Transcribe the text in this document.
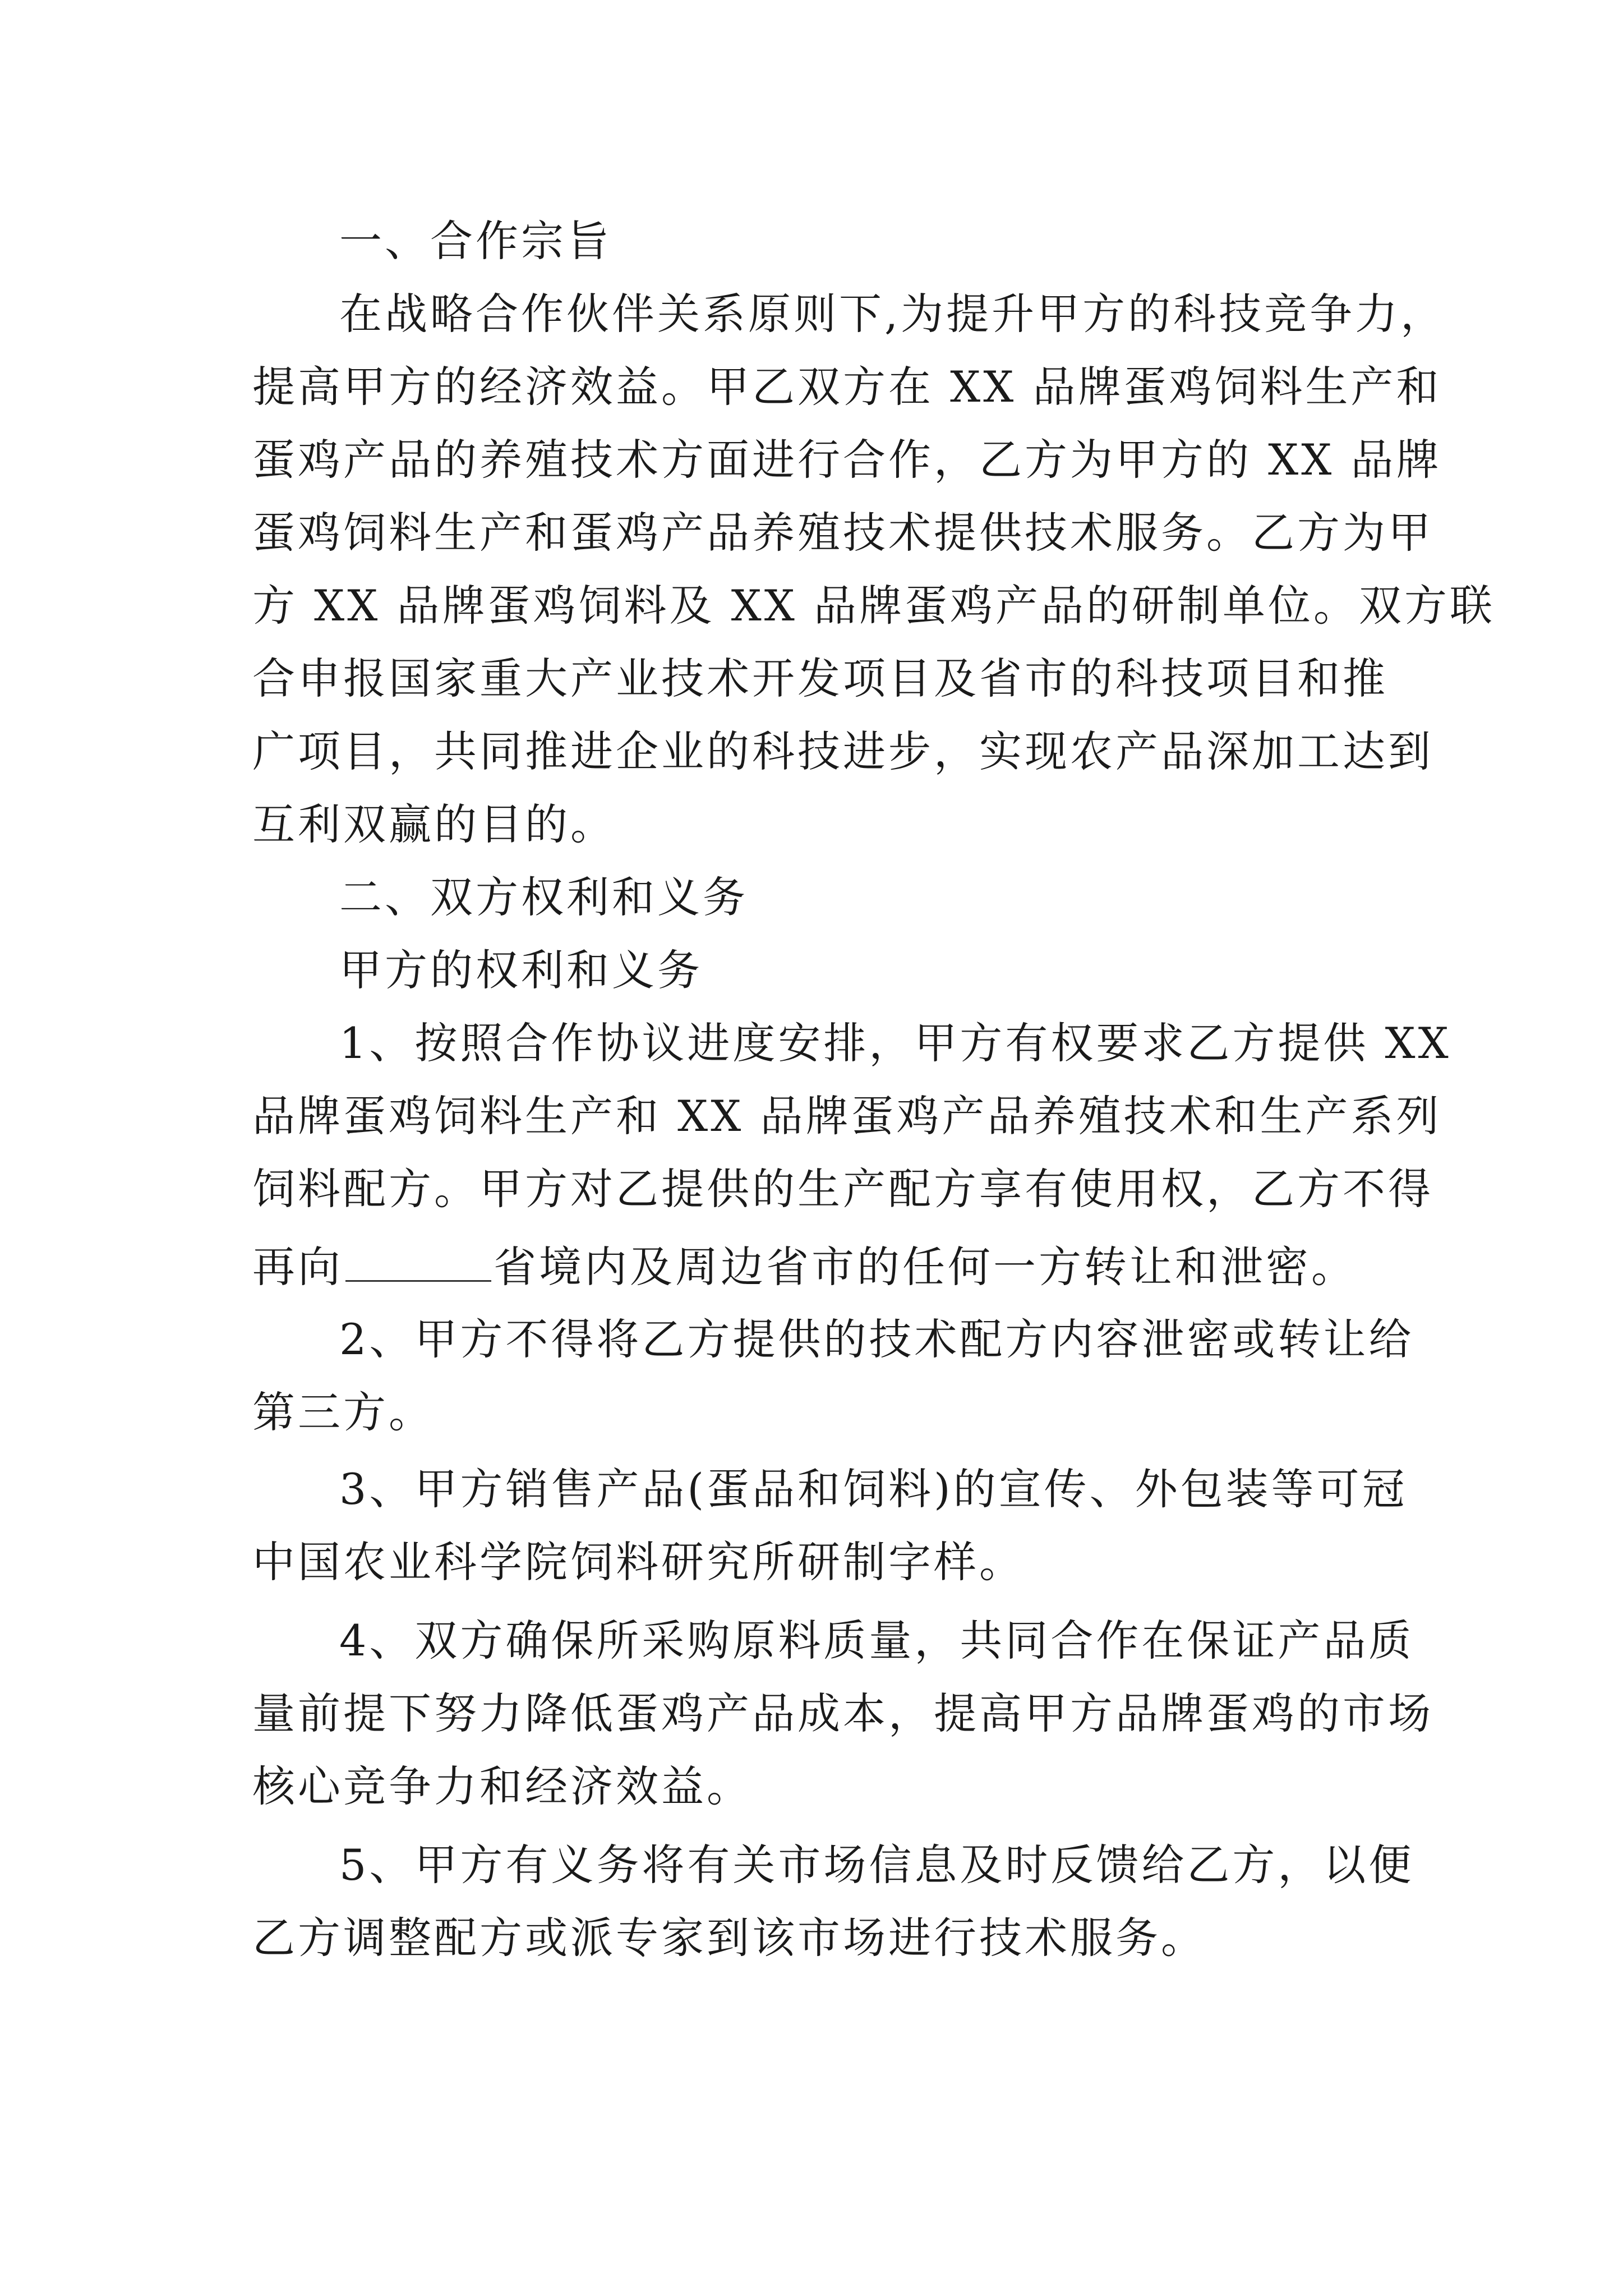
一、合作宗旨
在战略合作伙伴关系原则下,为提升甲方的科技竞争力，
提高甲方的经济效益。甲乙双方在 XX 品牌蛋鸡饲料生产和
蛋鸡产品的养殖技术方面进行合作，乙方为甲方的 XX 品牌
蛋鸡饲料生产和蛋鸡产品养殖技术提供技术服务。乙方为甲
方 XX 品牌蛋鸡饲料及 XX 品牌蛋鸡产品的研制单位。双方联
合申报国家重大产业技术开发项目及省市的科技项目和推
广项目，共同推进企业的科技进步，实现农产品深加工达到
互利双赢的目的。
二、双方权利和义务
甲方的权利和义务
1、按照合作协议进度安排，甲方有权要求乙方提供 XX
品牌蛋鸡饲料生产和 XX 品牌蛋鸡产品养殖技术和生产系列
饲料配方。甲方对乙提供的生产配方享有使用权，乙方不得
再向	省境内及周边省市的任何一方转让和泄密。
2、甲方不得将乙方提供的技术配方内容泄密或转让给
第三方。
3、甲方销售产品(蛋品和饲料)的宣传、外包装等可冠
中国农业科学院饲料研究所研制字样。
4、双方确保所采购原料质量，共同合作在保证产品质
量前提下努力降低蛋鸡产品成本，提高甲方品牌蛋鸡的市场
核心竞争力和经济效益。
5、甲方有义务将有关市场信息及时反馈给乙方，以便
乙方调整配方或派专家到该市场进行技术服务。
